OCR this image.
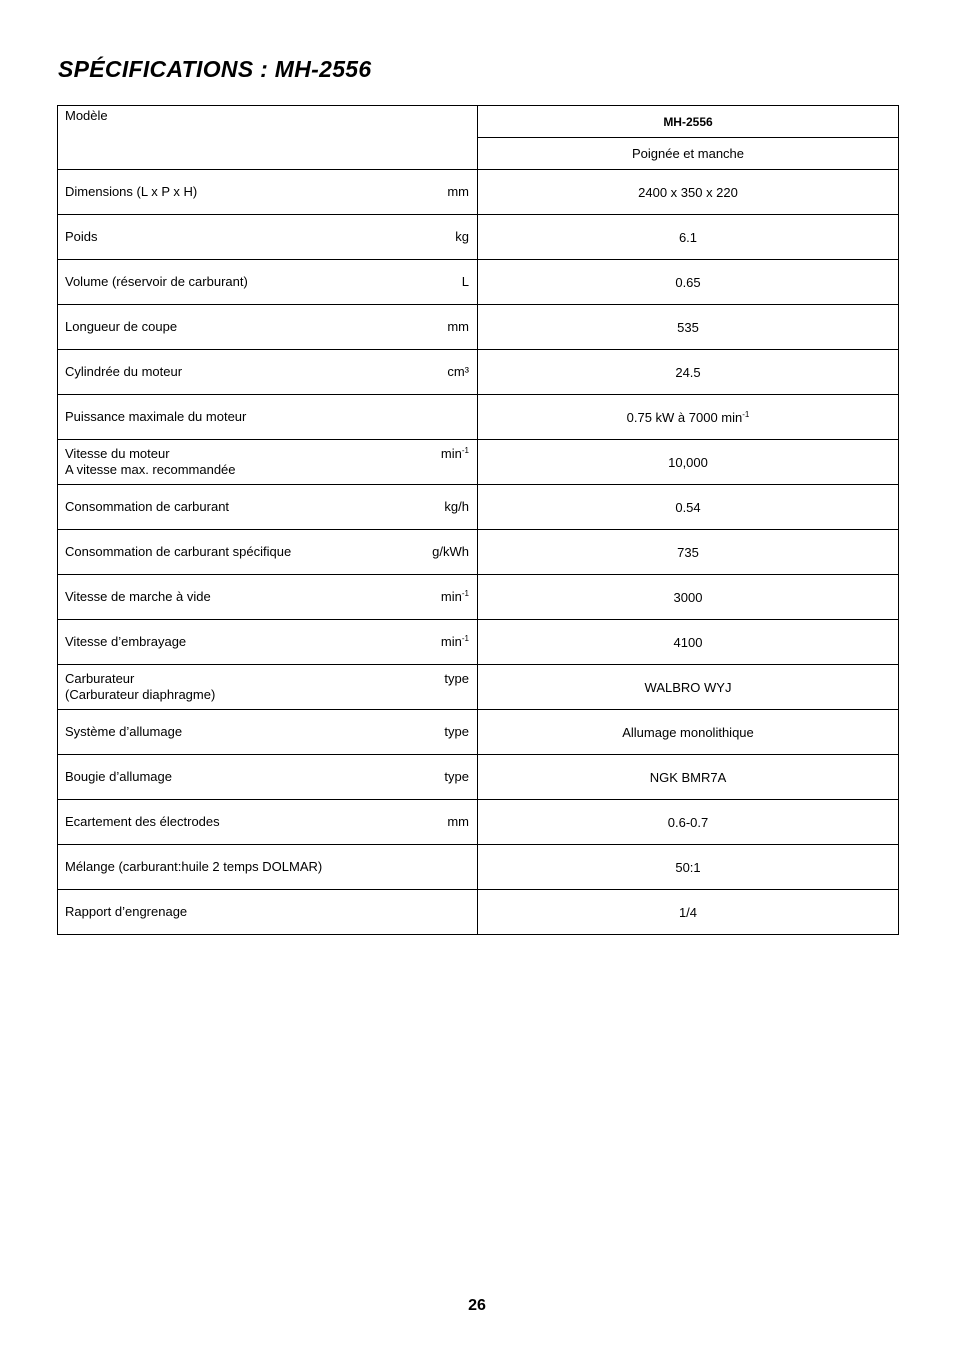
SPÉCIFICATIONS : MH-2556
Modèle	MH-2556
	Poignée et manche

Dimensions (L x P x H) mm	2400 x 350 x 220

Poids kg	6.1

Volume (réservoir de carburant) L	0.65

Longueur de coupe mm	535

Cylindrée du moteur cm³	24.5

Puissance maximale du moteur	0.75 kW à 7000 $\min^{-1}$

Vitesse du moteur
A vitesse max. recommandée
$\min^{-1}$	10,000

Consommation de carburant kg/h	0.54

Consommation de carburant spécifique g/kWh	735

Vitesse de marche à vide $\min^{-1}$	3000

Vitesse d’embrayage $\min^{-1}$	4100

Carburateur
(Carburateur diaphragme)
type	WALBRO WYJ

Système d’allumage type	Allumage monolithique

Bougie d’allumage type	NGK BMR7A

Ecartement des électrodes mm	0.6-0.7

Mélange (carburant:huile 2 temps DOLMAR)	50:1

Rapport d’engrenage	1/4
26
